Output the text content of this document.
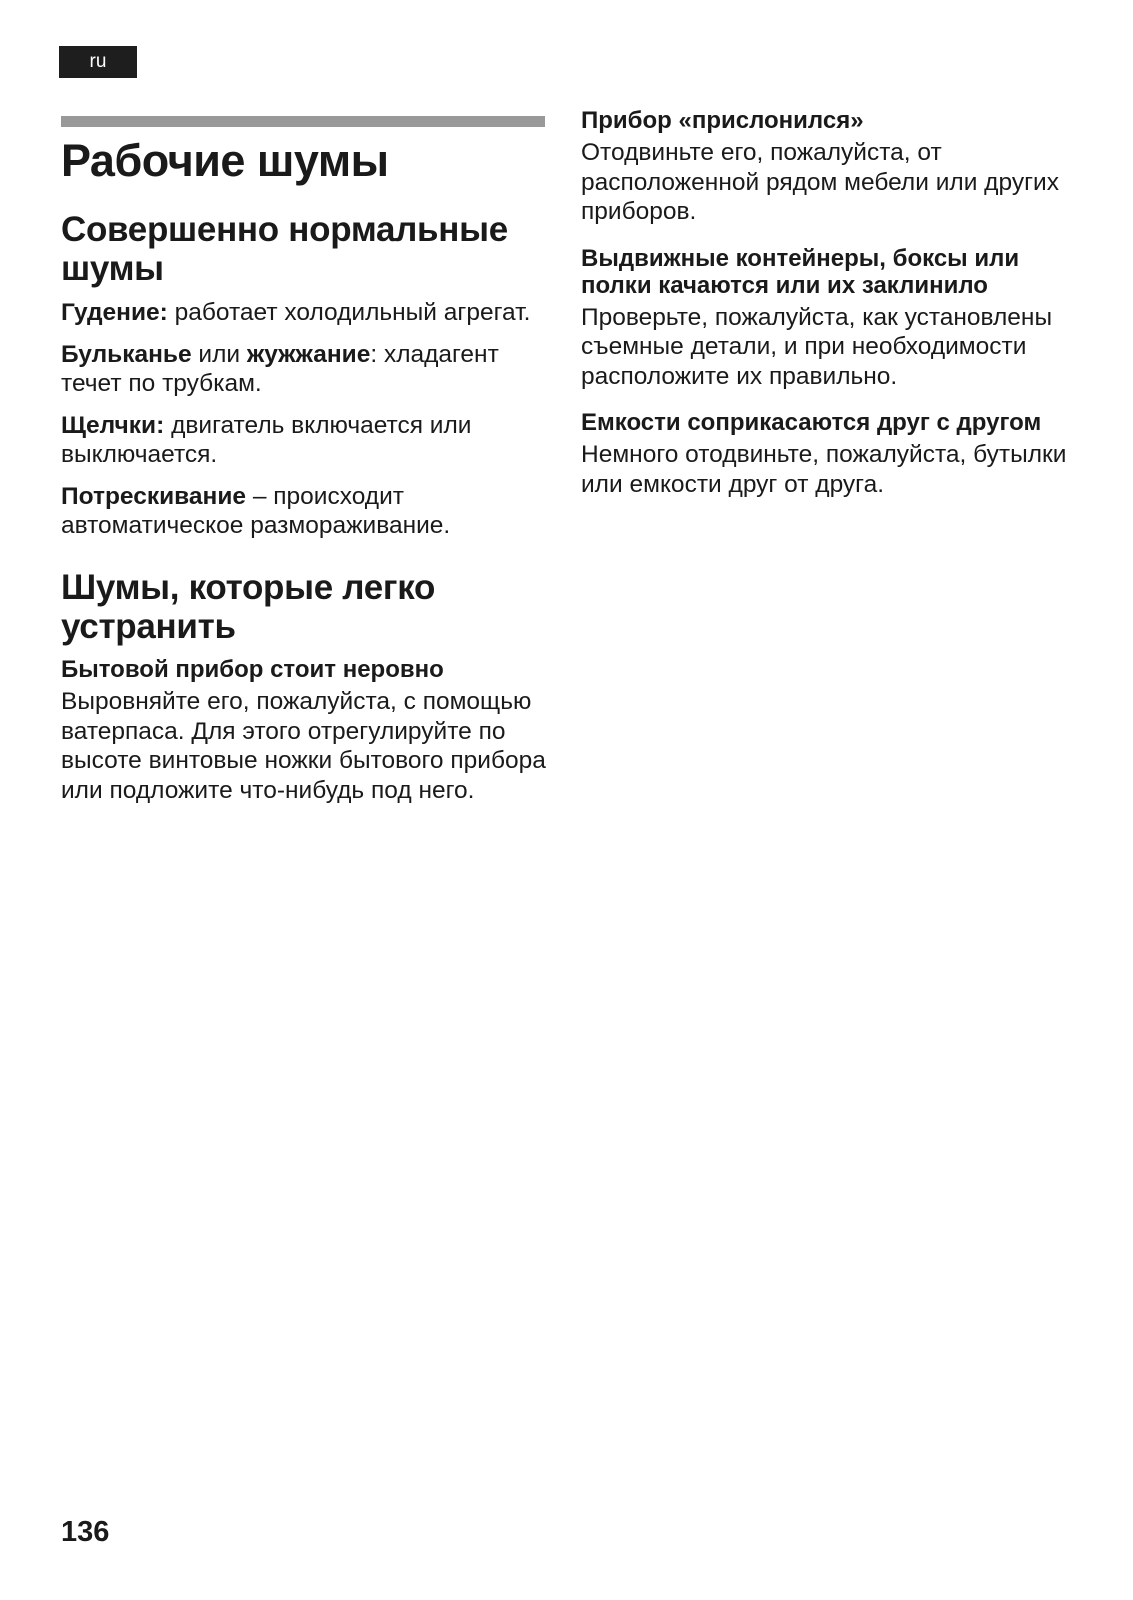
ru
Рабочие шумы
Совершенно нормальные шумы

Гудение: работает холодильный агрегат.

Бульканье или жужжание: хладагент течет по трубкам.

Щелчки: двигатель включается или выключается.

Потрескивание – происходит автоматическое размораживание.

Шумы, которые легко устранить
Бытовой прибор стоит неровно

Выровняйте его, пожалуйста, с помощью ватерпаса. Для этого отрегулируйте по высоте винтовые ножки бытового прибора или подложите что-нибудь под него.

Прибор «прислонился»

Отодвиньте его, пожалуйста, от расположенной рядом мебели или других приборов.

Выдвижные контейнеры, боксы или полки качаются или их заклинило

Проверьте, пожалуйста, как установлены съемные детали, и при необходимости расположите их правильно.

Емкости соприкасаются друг с другом

Немного отодвиньте, пожалуйста, бутылки или емкости друг от друга.

136
